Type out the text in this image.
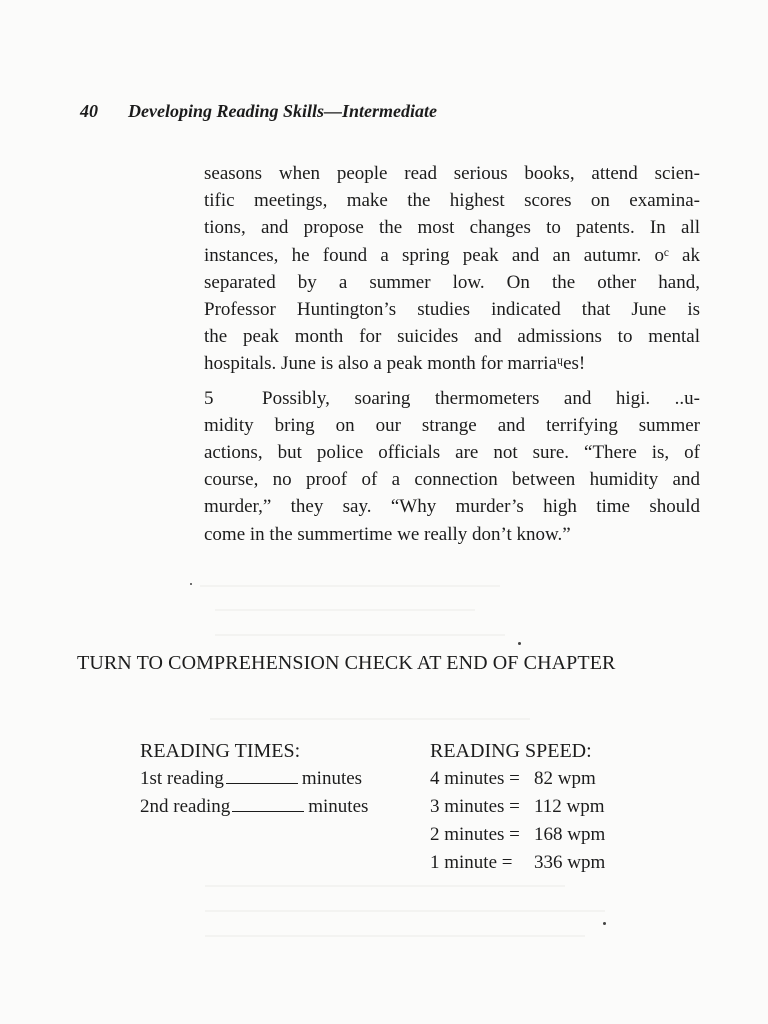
40 Developing Reading Skills—Intermediate
seasons when people read serious books, attend scien-
tific meetings, make the highest scores on examina-
tions, and propose the most changes to patents. In all
instances, he found a spring peak and an autumr. ᴏᶜ ak
separated by a summer low. On the other hand,
Professor Huntington’s studies indicated that June is
the peak month for suicides and admissions to mental
hospitals. June is also a peak month for marriaᶣes!
5	Possibly, soaring thermometers and higi. ..u-
midity bring on our strange and terrifying summer
actions, but police officials are not sure. “There is, of
course, no proof of a connection between humidity and
murder,” they say. “Why murder’s high time should
come in the summertime we really don’t know.”
TURN TO COMPREHENSION CHECK AT END OF CHAPTER
READING TIMES:
1st reading	minutes
2nd reading	minutes
READING SPEED:
4 minutes = 82 wpm
3 minutes = 112 wpm
2 minutes = 168 wpm
1 minute =	336 wpm
